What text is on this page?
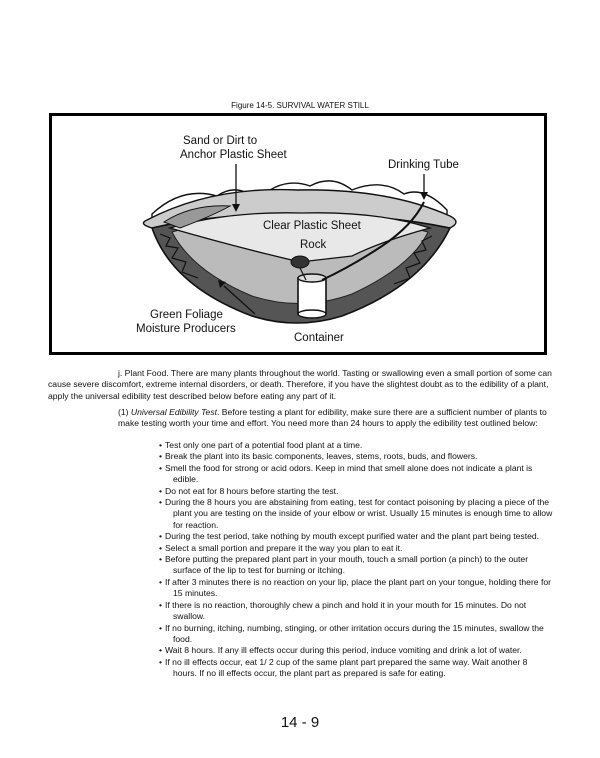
Figure 14-5. SURVIVAL WATER STILL
Sand or Dirt to
Anchor Plastic Sheet
Drinking Tube
Clear Plastic Sheet
Rock
Green Foliage
Moisture Producers
Container
j. Plant Food. There are many plants throughout the world. Tasting or swallowing even a small portion of some can cause severe discomfort, extreme internal disorders, or death. Therefore, if you have the slightest doubt as to the edibility of a plant, apply the universal edibility test described below before eating any part of it.
(1) Universal Edibility Test. Before testing a plant for edibility, make sure there are a sufficient number of plants to make testing worth your time and effort. You need more than 24 hours to apply the edibility test outlined below:
• Test only one part of a potential food plant at a time.
• Break the plant into its basic components, leaves, stems, roots, buds, and flowers.
• Smell the food for strong or acid odors. Keep in mind that smell alone does not indicate a plant is edible.
• Do not eat for 8 hours before starting the test.
• During the 8 hours you are abstaining from eating, test for contact poisoning by placing a piece of the plant you are testing on the inside of your elbow or wrist. Usually 15 minutes is enough time to allow for reaction.
• During the test period, take nothing by mouth except purified water and the plant part being tested.
• Select a small portion and prepare it the way you plan to eat it.
• Before putting the prepared plant part in your mouth, touch a small portion (a pinch) to the outer surface of the lip to test for burning or itching.
• If after 3 minutes there is no reaction on your lip, place the plant part on your tongue, holding there for 15 minutes.
• If there is no reaction, thoroughly chew a pinch and hold it in your mouth for 15 minutes. Do not swallow.
• If no burning, itching, numbing, stinging, or other irritation occurs during the 15 minutes, swallow the food.
• Wait 8 hours. If any ill effects occur during this period, induce vomiting and drink a lot of water.
• If no ill effects occur, eat 1/ 2 cup of the same plant part prepared the same way. Wait another 8 hours. If no ill effects occur, the plant part as prepared is safe for eating.
14 - 9
